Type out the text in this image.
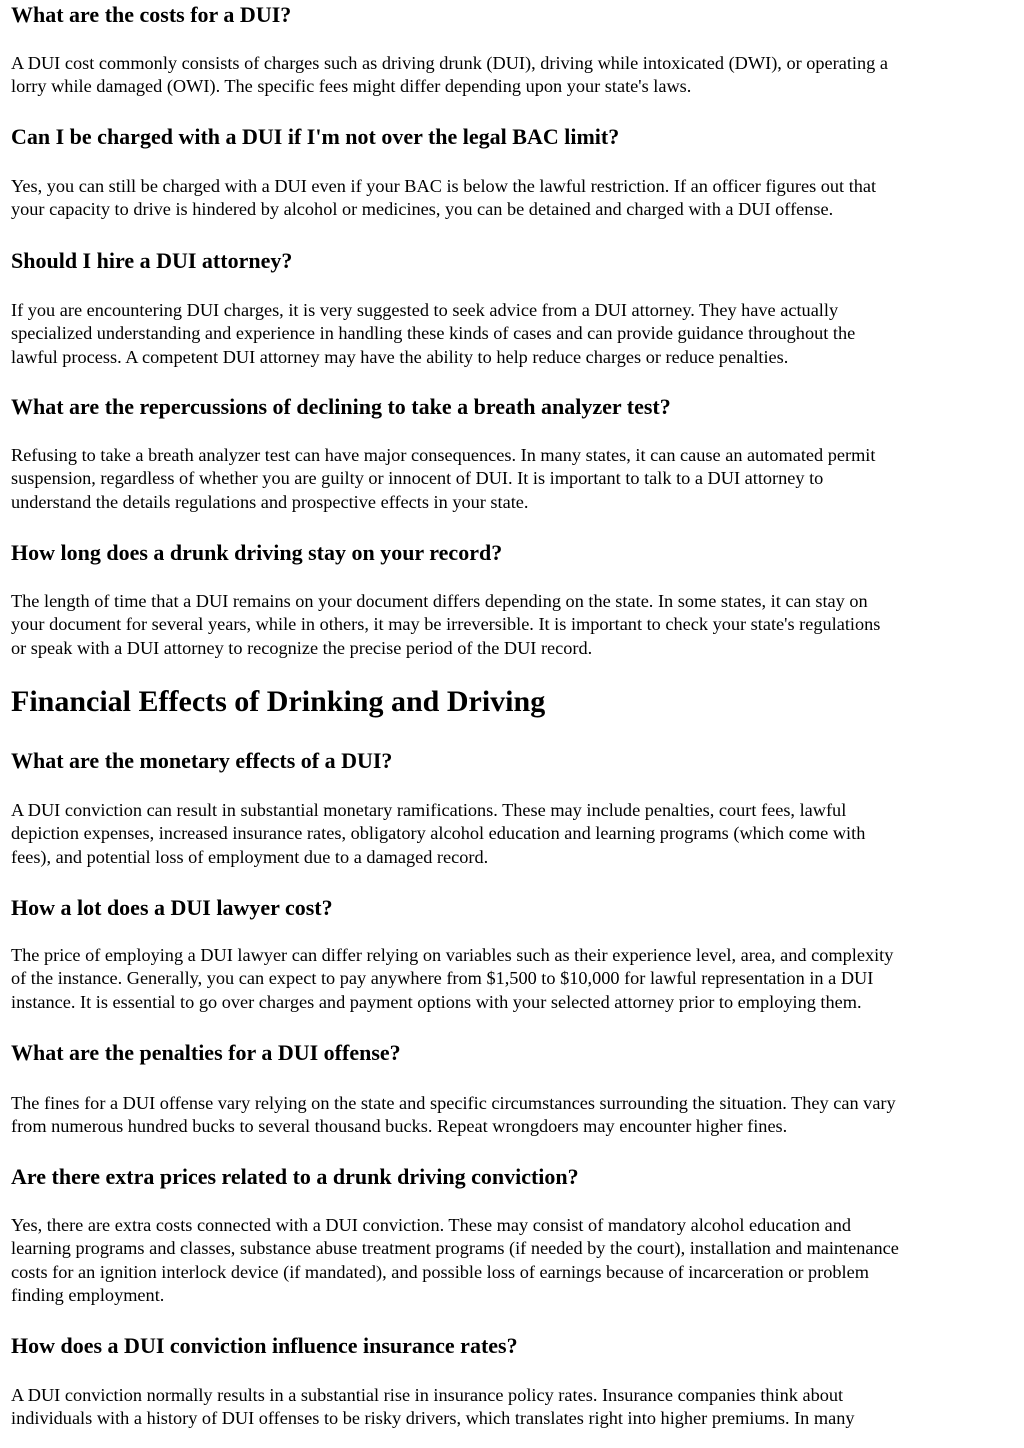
What are the costs for a DUI?

A DUI cost commonly consists of charges such as driving drunk (DUI), driving while intoxicated (DWI), or operating a
lorry while damaged (OWI). The specific fees might differ depending upon your state's laws.

Can I be charged with a DUI if I'm not over the legal BAC limit?

Yes, you can still be charged with a DUI even if your BAC is below the lawful restriction. If an officer figures out that
your capacity to drive is hindered by alcohol or medicines, you can be detained and charged with a DUI offense.

Should I hire a DUI attorney?

If you are encountering DUI charges, it is very suggested to seek advice from a DUI attorney. They have actually
specialized understanding and experience in handling these kinds of cases and can provide guidance throughout the
lawful process. A competent DUI attorney may have the ability to help reduce charges or reduce penalties.

What are the repercussions of declining to take a breath analyzer test?

Refusing to take a breath analyzer test can have major consequences. In many states, it can cause an automated permit
suspension, regardless of whether you are guilty or innocent of DUI. It is important to talk to a DUI attorney to
understand the details regulations and prospective effects in your state.

How long does a drunk driving stay on your record?

The length of time that a DUI remains on your document differs depending on the state. In some states, it can stay on
your document for several years, while in others, it may be irreversible. It is important to check your state's regulations
or speak with a DUI attorney to recognize the precise period of the DUI record.

Financial Effects of Drinking and Driving
What are the monetary effects of a DUI?

A DUI conviction can result in substantial monetary ramifications. These may include penalties, court fees, lawful
depiction expenses, increased insurance rates, obligatory alcohol education and learning programs (which come with
fees), and potential loss of employment due to a damaged record.

How a lot does a DUI lawyer cost?

The price of employing a DUI lawyer can differ relying on variables such as their experience level, area, and complexity
of the instance. Generally, you can expect to pay anywhere from $1,500 to $10,000 for lawful representation in a DUI
instance. It is essential to go over charges and payment options with your selected attorney prior to employing them.

What are the penalties for a DUI offense?

The fines for a DUI offense vary relying on the state and specific circumstances surrounding the situation. They can vary
from numerous hundred bucks to several thousand bucks. Repeat wrongdoers may encounter higher fines.

Are there extra prices related to a drunk driving conviction?

Yes, there are extra costs connected with a DUI conviction. These may consist of mandatory alcohol education and
learning programs and classes, substance abuse treatment programs (if needed by the court), installation and maintenance
costs for an ignition interlock device (if mandated), and possible loss of earnings because of incarceration or problem
finding employment.

How does a DUI conviction influence insurance rates?

A DUI conviction normally results in a substantial rise in insurance policy rates. Insurance companies think about
individuals with a history of DUI offenses to be risky drivers, which translates right into higher premiums. In many
